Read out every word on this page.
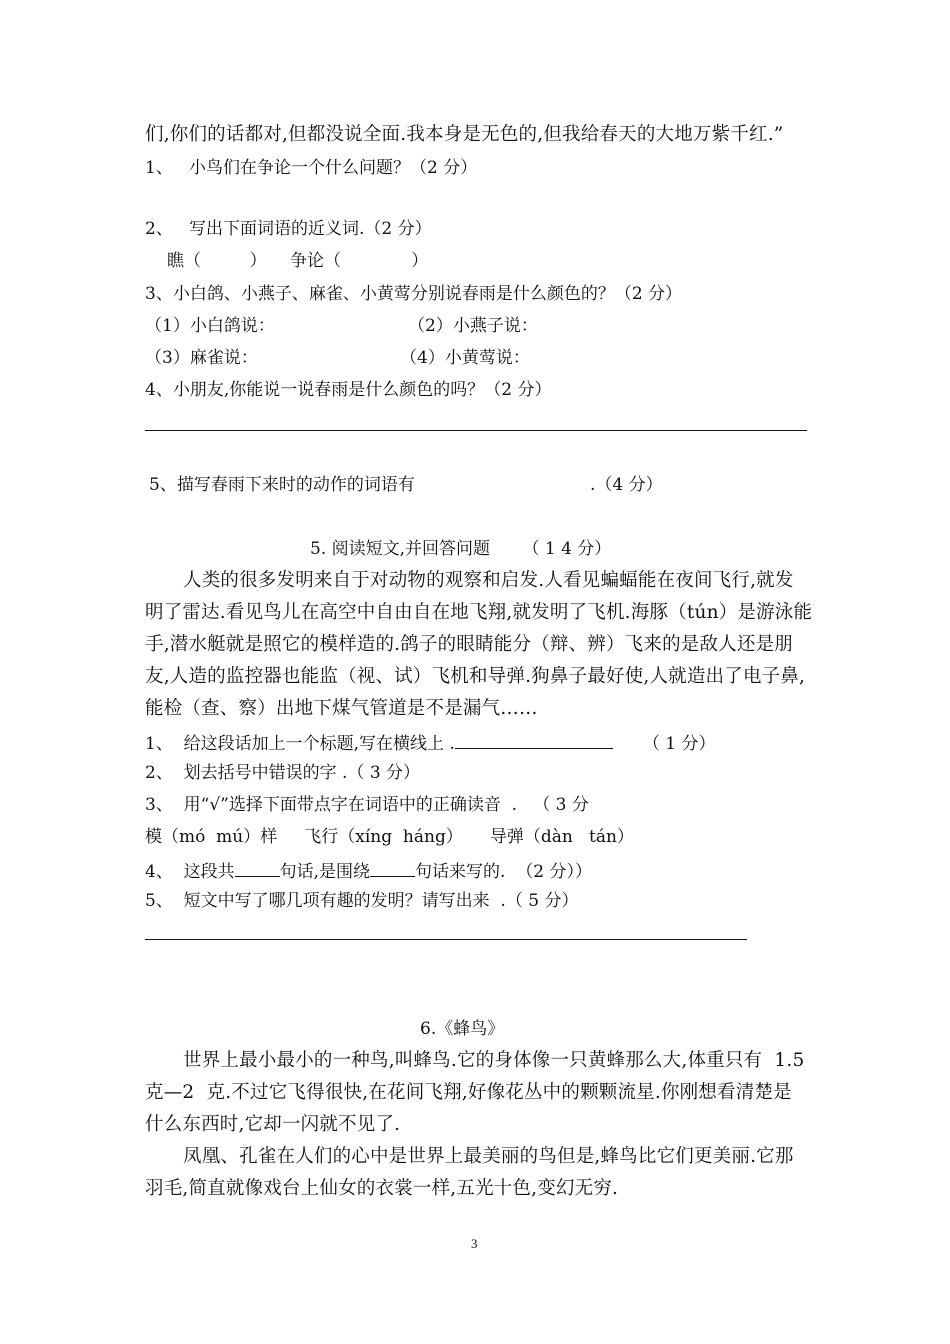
们,你们的话都对,但都没说全面.我本身是无色的,但我给春天的大地万紫千红.”
1、   小鸟们在争论一个什么问题？（2 分）
2、   写出下面词语的近义词.（2 分）
瞧（         ） 争论（             ）
3、小白鸽、小燕子、麻雀、小黄莺分别说春雨是什么颜色的？（2 分）
（1）小白鸽说：	（2）小燕子说：
（3）麻雀说：	（4）小黄莺说：
4、小朋友,你能说一说春雨是什么颜色的吗？（2 分）
5、描写春雨下来时的动作的词语有	.（4 分）
5. 阅读短文,并回答问题      （ 1 4 分）
人类的很多发明来自于对动物的观察和启发.人看见蝙蝠能在夜间飞行,就发
明了雷达.看见鸟儿在高空中自由自在地飞翔,就发明了飞机.海豚（tún）是游泳能
手,潜水艇就是照它的模样造的.鸽子的眼睛能分（辩、辨）飞来的是敌人还是朋
友,人造的监控器也能监（视、试）飞机和导弹.狗鼻子最好使,人就造出了电子鼻,
能检（查、察）出地下煤气管道是不是漏气……
1、  给这段话加上一个标题,写在横线上 .	（ 1 分）
2、  划去括号中错误的字 .（ 3 分）
3、  用“√”选择下面带点字在词语中的正确读音  .   （ 3 分
模（mó  mú）样     飞行（xíng  háng）     导弹（dàn   tán）
4、  这段共	句话,是围绕	句话来写的.  （2 分））
5、  短文中写了哪几项有趣的发明？请写出来  .（ 5 分）
6.《蜂鸟》
世界上最小最小的一种鸟,叫蜂鸟.它的身体像一只黄蜂那么大,体重只有  1.5
克—2  克.不过它飞得很快,在花间飞翔,好像花丛中的颗颗流星.你刚想看清楚是
什么东西时,它却一闪就不见了.
凤凰、孔雀在人们的心中是世界上最美丽的鸟但是,蜂鸟比它们更美丽.它那
羽毛,简直就像戏台上仙女的衣裳一样,五光十色,变幻无穷.
3
